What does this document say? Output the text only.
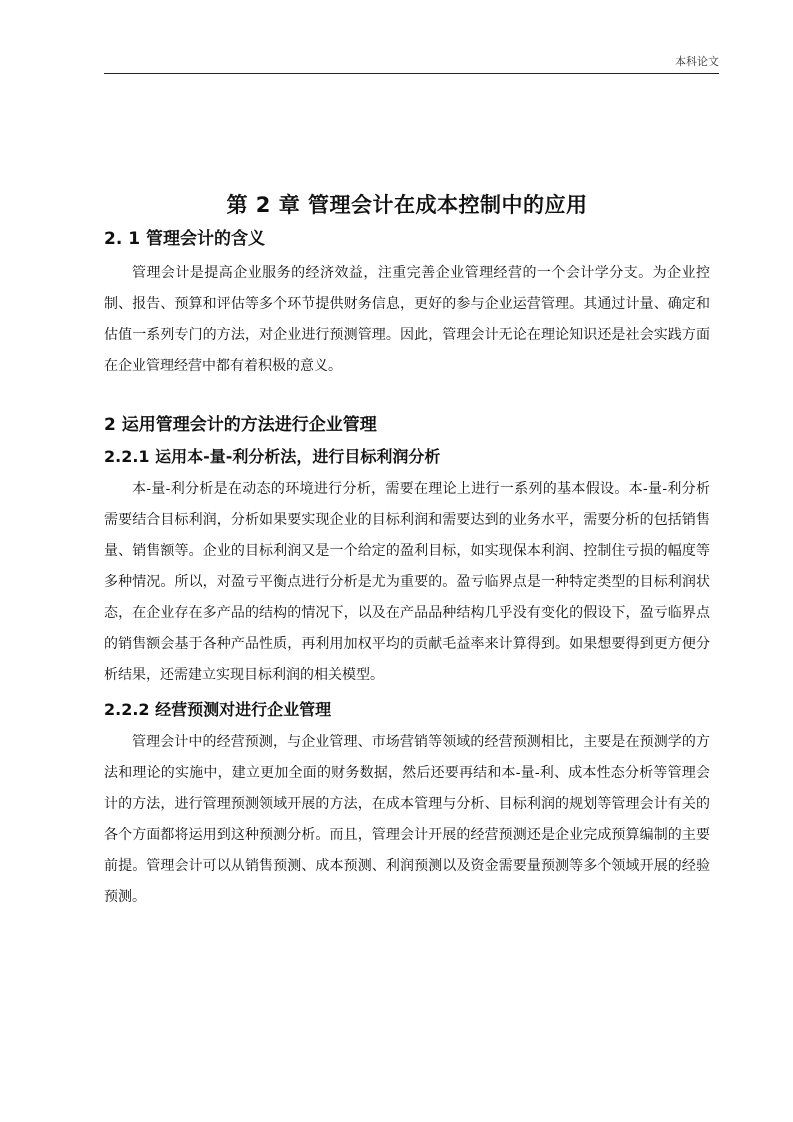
本科论文
第 2 章 管理会计在成本控制中的应用
2. 1 管理会计的含义

管理会计是提高企业服务的经济效益，注重完善企业管理经营的一个会计学分支。为企业控制、报告、预算和评估等多个环节提供财务信息，更好的参与企业运营管理。其通过计量、确定和估值一系列专门的方法，对企业进行预测管理。因此，管理会计无论在理论知识还是社会实践方面在企业管理经营中都有着积极的意义。

2 运用管理会计的方法进行企业管理
2.2.1 运用本-量-利分析法，进行目标利润分析

本-量-利分析是在动态的环境进行分析，需要在理论上进行一系列的基本假设。本-量-利分析需要结合目标利润，分析如果要实现企业的目标利润和需要达到的业务水平，需要分析的包括销售量、销售额等。企业的目标利润又是一个给定的盈利目标，如实现保本利润、控制住亏损的幅度等多种情况。所以，对盈亏平衡点进行分析是尤为重要的。盈亏临界点是一种特定类型的目标利润状态，在企业存在多产品的结构的情况下，以及在产品品种结构几乎没有变化的假设下，盈亏临界点的销售额会基于各种产品性质，再利用加权平均的贡献毛益率来计算得到。如果想要得到更方便分析结果，还需建立实现目标利润的相关模型。

2.2.2 经营预测对进行企业管理

管理会计中的经营预测，与企业管理、市场营销等领域的经营预测相比，主要是在预测学的方法和理论的实施中，建立更加全面的财务数据，然后还要再结和本-量-利、成本性态分析等管理会计的方法，进行管理预测领域开展的方法，在成本管理与分析、目标利润的规划等管理会计有关的各个方面都将运用到这种预测分析。而且，管理会计开展的经营预测还是企业完成预算编制的主要前提。管理会计可以从销售预测、成本预测、利润预测以及资金需要量预测等多个领域开展的经验预测。
